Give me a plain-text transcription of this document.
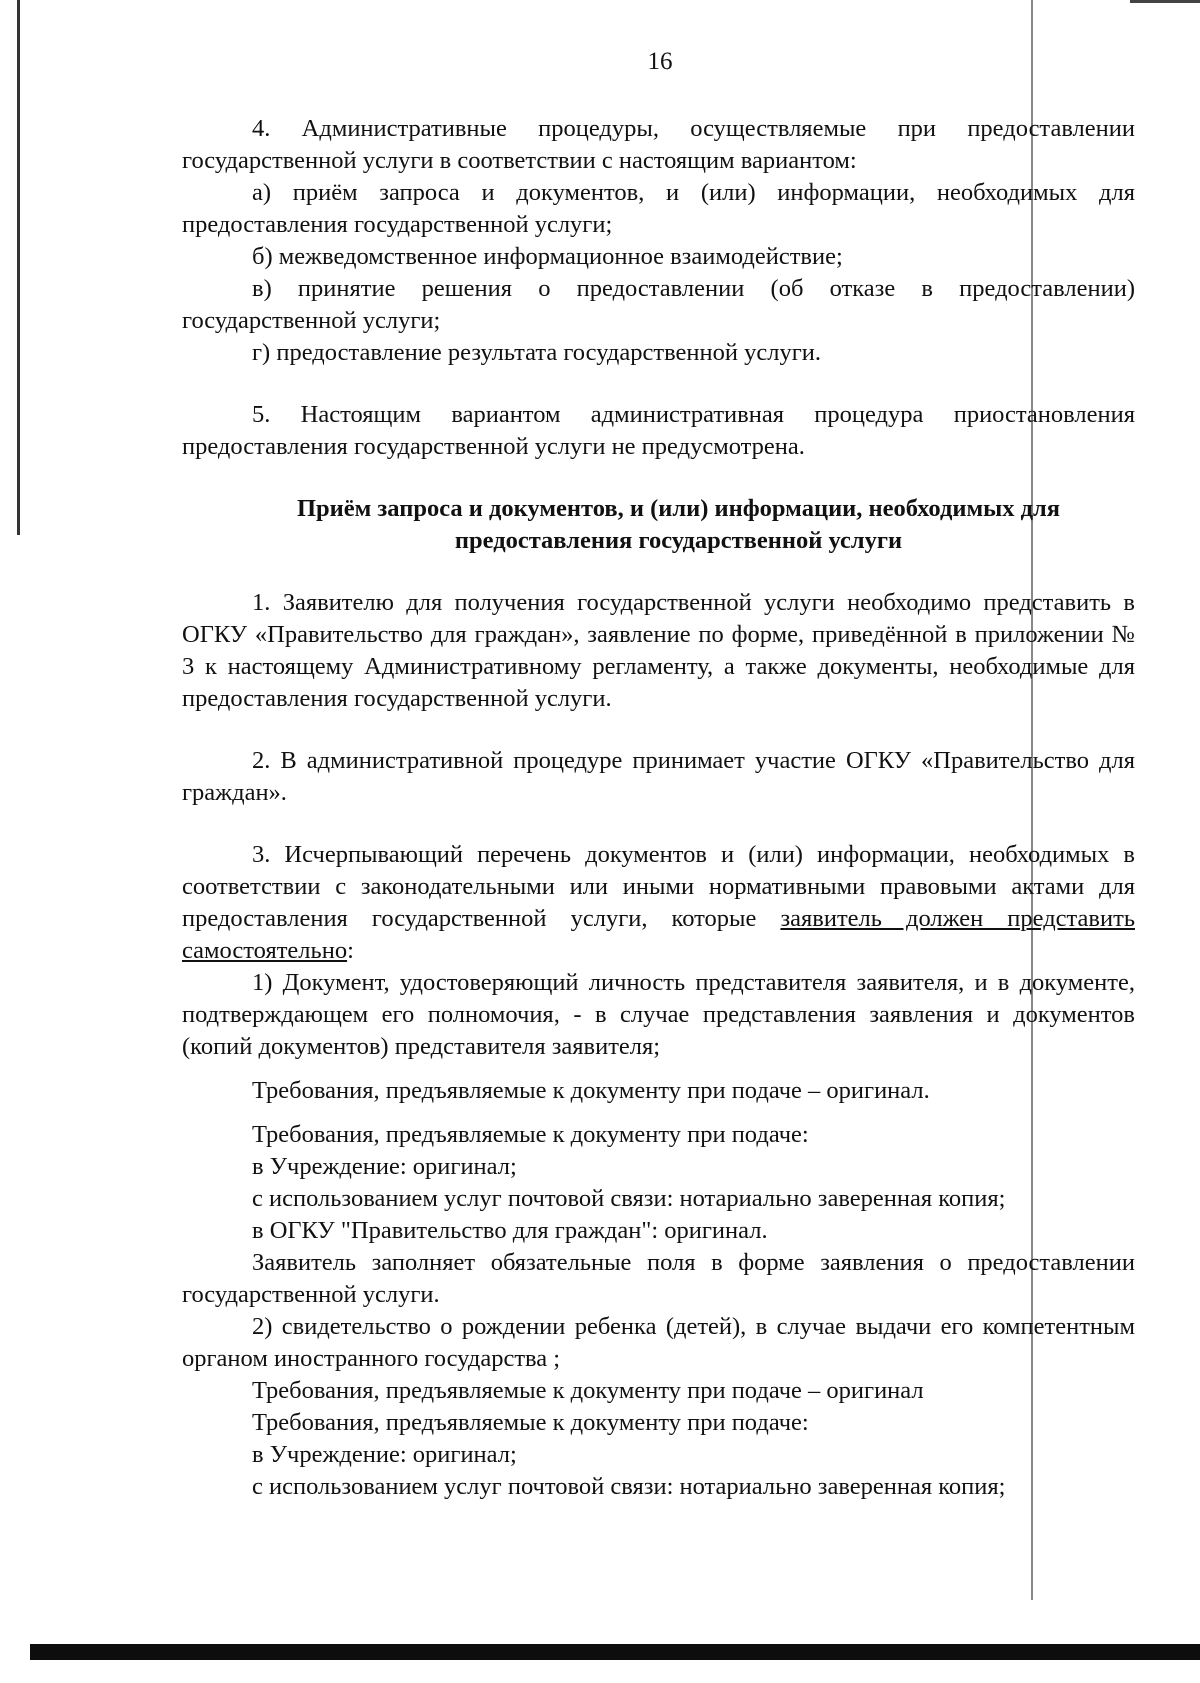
16

4. Административные процедуры, осуществляемые при предоставлении государственной услуги в соответствии с настоящим вариантом:

а) приём запроса и документов, и (или) информации, необходимых для предоставления государственной услуги;

б) межведомственное информационное взаимодействие;

в) принятие решения о предоставлении (об отказе в предоставлении) государственной услуги;

г) предоставление результата государственной услуги.

5. Настоящим вариантом административная процедура приостановления предоставления государственной услуги не предусмотрена.

Приём запроса и документов, и (или) информации, необходимых для

предоставления государственной услуги

1. Заявителю для получения государственной услуги необходимо представить в ОГКУ «Правительство для граждан», заявление по форме, приведённой в приложении № 3 к настоящему Административному регламенту, а также документы, необходимые для предоставления государственной услуги.

2. В административной процедуре принимает участие ОГКУ «Правительство для граждан».

3. Исчерпывающий перечень документов и (или) информации, необходимых в соответствии с законодательными или иными нормативными правовыми актами для предоставления государственной услуги, которые заявитель должен представить самостоятельно:

1) Документ, удостоверяющий личность представителя заявителя, и в документе, подтверждающем его полномочия, - в случае представления заявления и документов (копий документов) представителя заявителя;

Требования, предъявляемые к документу при подаче – оригинал.

Требования, предъявляемые к документу при подаче:

в Учреждение: оригинал;

с использованием услуг почтовой связи: нотариально заверенная копия;

в ОГКУ "Правительство для граждан": оригинал.

Заявитель заполняет обязательные поля в форме заявления о предоставлении государственной услуги.

2) свидетельство о рождении ребенка (детей), в случае выдачи его компетентным органом иностранного государства ;

Требования, предъявляемые к документу при подаче – оригинал

Требования, предъявляемые к документу при подаче:

в Учреждение: оригинал;

с использованием услуг почтовой связи: нотариально заверенная копия;
